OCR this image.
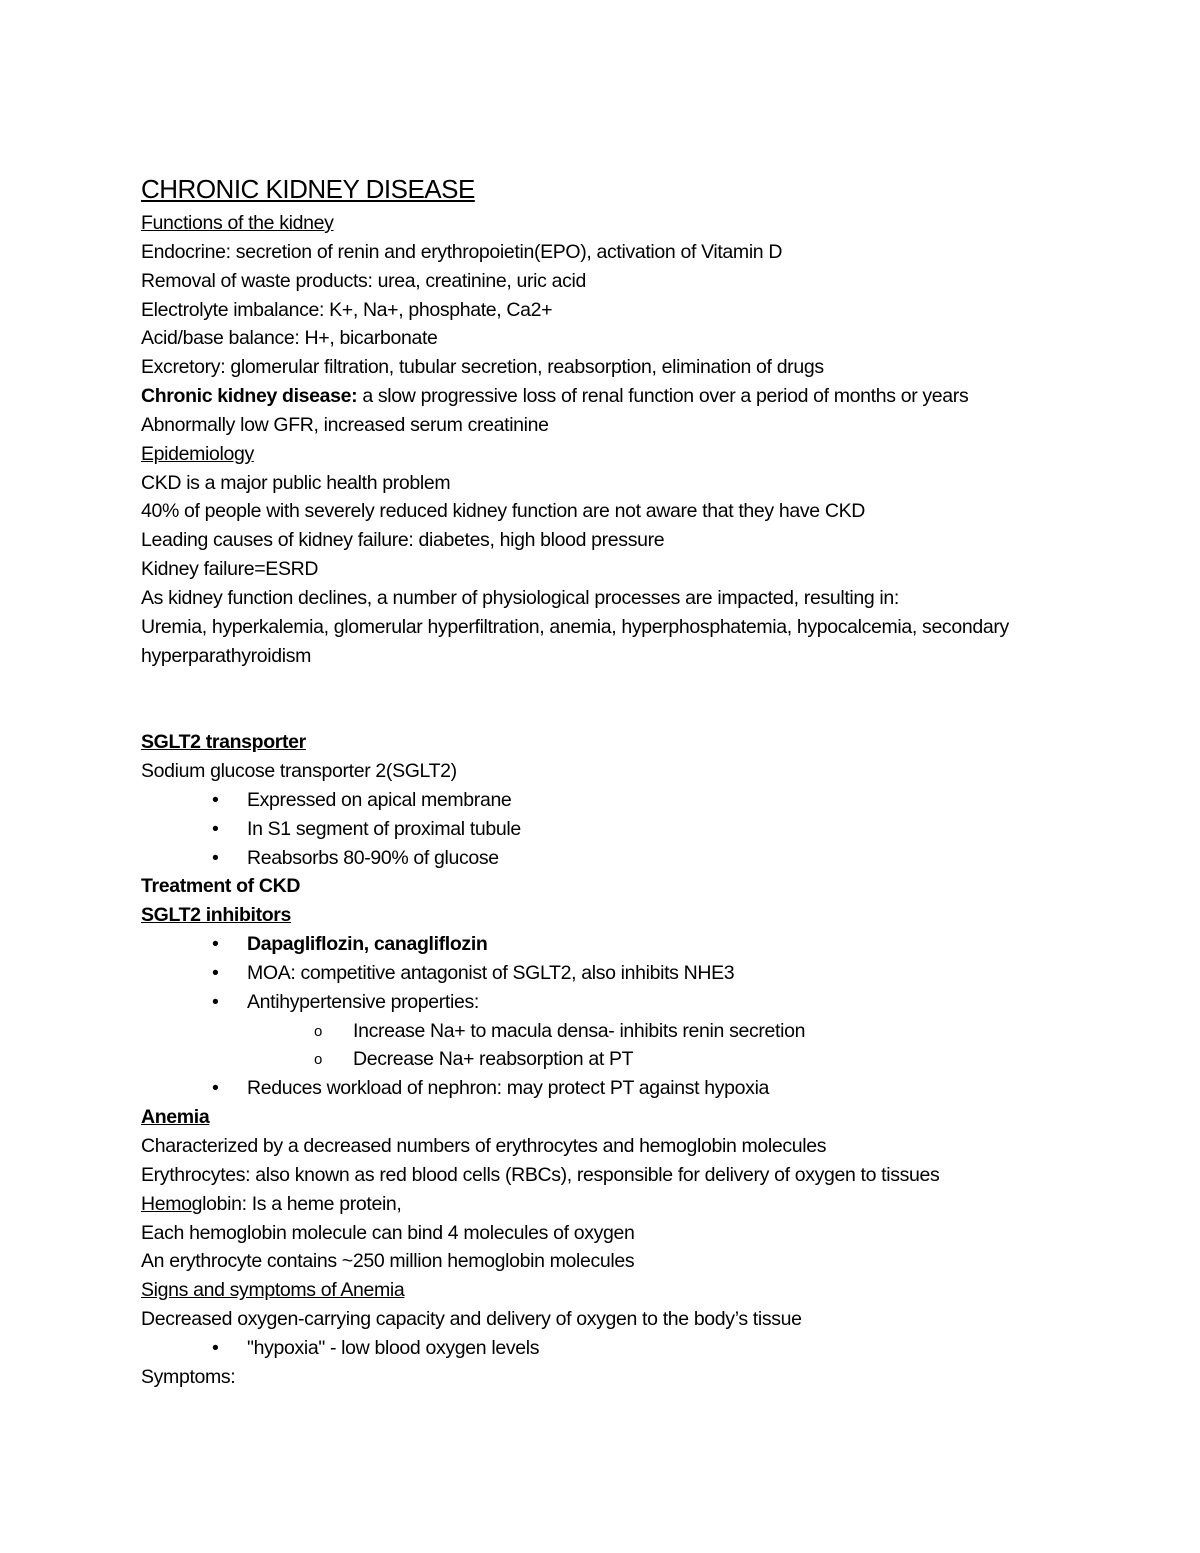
CHRONIC KIDNEY DISEASE
Functions of the kidney
Endocrine: secretion of renin and erythropoietin(EPO), activation of Vitamin D
Removal of waste products: urea, creatinine, uric acid
Electrolyte imbalance: K+, Na+, phosphate, Ca2+
Acid/base balance: H+, bicarbonate
Excretory: glomerular filtration, tubular secretion, reabsorption, elimination of drugs
Chronic kidney disease: a slow progressive loss of renal function over a period of months or years
Abnormally low GFR, increased serum creatinine
Epidemiology
CKD is a major public health problem
40% of people with severely reduced kidney function are not aware that they have CKD
Leading causes of kidney failure: diabetes, high blood pressure
Kidney failure=ESRD
As kidney function declines, a number of physiological processes are impacted, resulting in:
Uremia, hyperkalemia, glomerular hyperfiltration, anemia, hyperphosphatemia, hypocalcemia, secondary hyperparathyroidism
SGLT2 transporter
Sodium glucose transporter 2(SGLT2)
• Expressed on apical membrane
• In S1 segment of proximal tubule
• Reabsorbs 80-90% of glucose
Treatment of CKD
SGLT2 inhibitors
• Dapagliflozin, canagliflozin
• MOA: competitive antagonist of SGLT2, also inhibits NHE3
• Antihypertensive properties:
o Increase Na+ to macula densa- inhibits renin secretion
o Decrease Na+ reabsorption at PT
• Reduces workload of nephron: may protect PT against hypoxia
Anemia
Characterized by a decreased numbers of erythrocytes and hemoglobin molecules
Erythrocytes: also known as red blood cells (RBCs), responsible for delivery of oxygen to tissues
Hemoglobin: Is a heme protein,
Each hemoglobin molecule can bind 4 molecules of oxygen
An erythrocyte contains ~250 million hemoglobin molecules
Signs and symptoms of Anemia
Decreased oxygen-carrying capacity and delivery of oxygen to the body’s tissue
• "hypoxia" - low blood oxygen levels
Symptoms:
